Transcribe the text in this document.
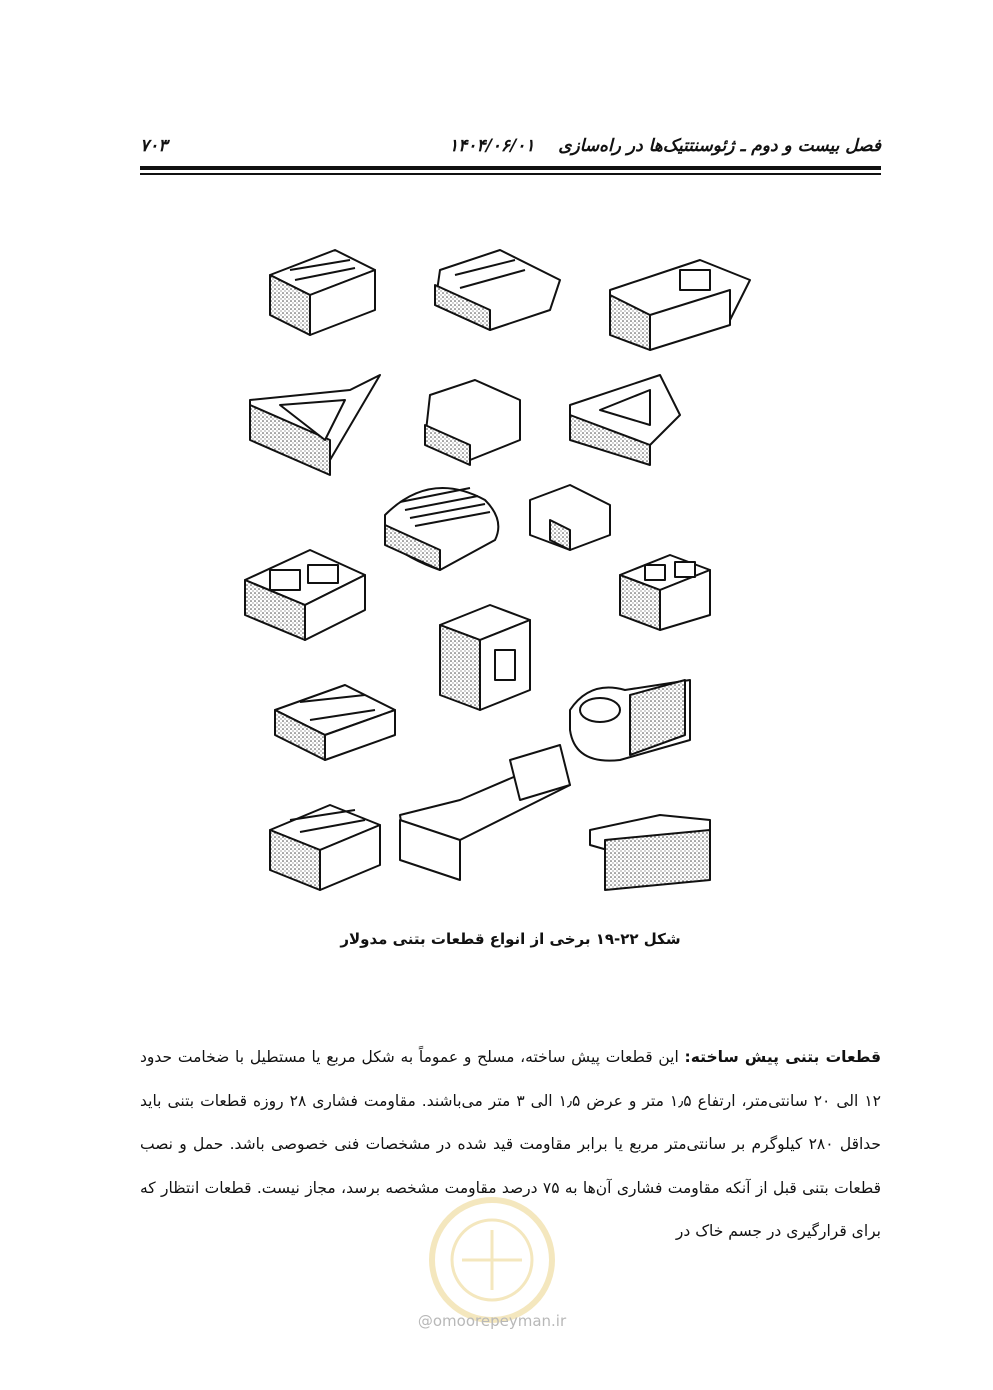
فصل بیست و دوم ـ ژئوسنتتیک‌ها در راه‌سازی    ۱۴۰۴/۰۶/۰۱
۷۰۳
شکل ۲۲-۱۹ برخی از انواع قطعات بتنی مدولار
قطعات بتنی پیش ساخته: این قطعات پیش ساخته، مسلح و عموماً به شکل مربع یا مستطیل با ضخامت حدود ۱۲ الی ۲۰ سانتی‌متر، ارتفاع ۱٫۵ متر و عرض ۱٫۵ الی ۳ متر می‌باشند. مقاومت فشاری ۲۸ روزه قطعات بتنی باید حداقل ۲۸۰ کیلوگرم بر سانتی‌متر مربع یا برابر مقاومت قید شده در مشخصات فنی خصوصی باشد. حمل و نصب قطعات بتنی قبل از آنکه مقاومت فشاری آن‌ها به ۷۵ درصد مقاومت مشخصه برسد، مجاز نیست. قطعات انتظار که برای قرارگیری در جسم خاک در
@omoorepeyman.ir
